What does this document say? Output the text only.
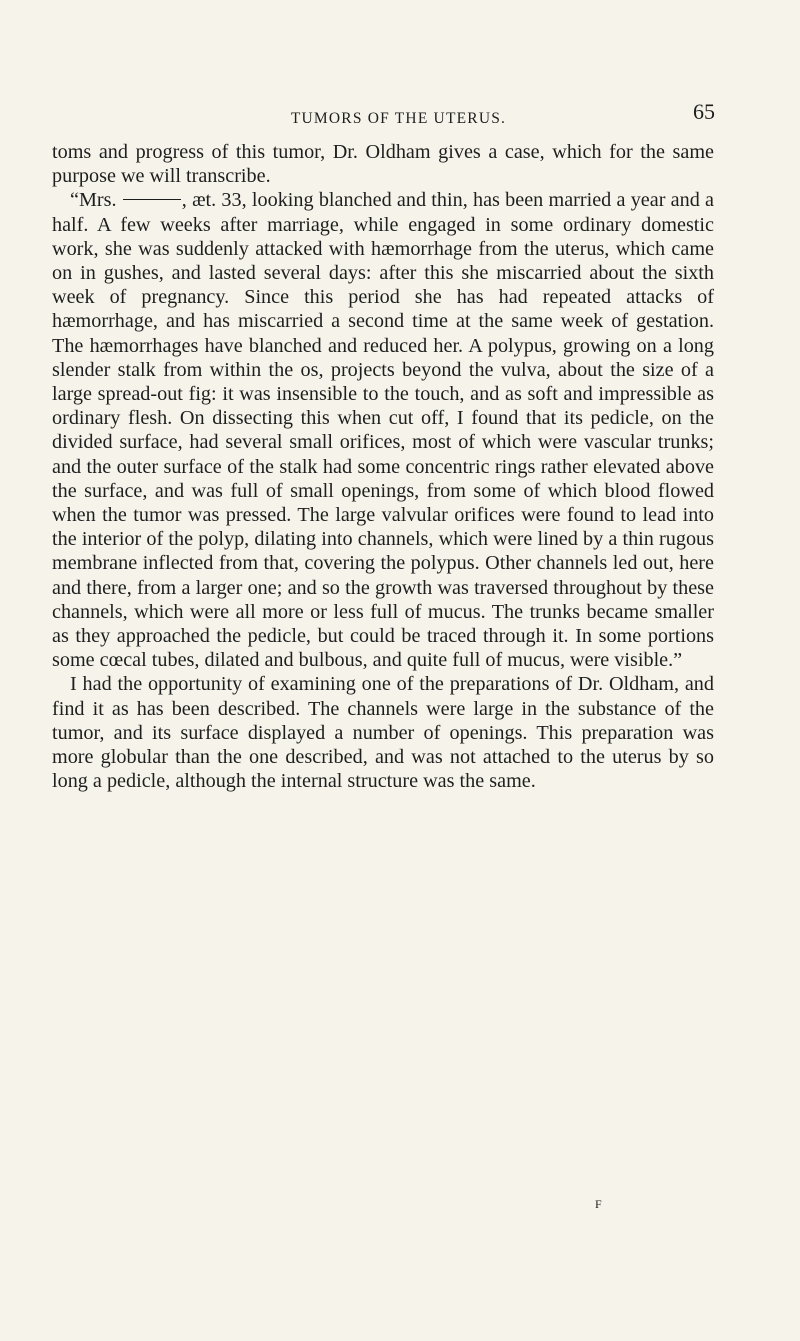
TUMORS OF THE UTERUS.	65

toms and progress of this tumor, Dr. Oldham gives a case, which for the same purpose we will transcribe.

“Mrs.	, æt. 33, looking blanched and thin, has been married a year and a half. A few weeks after marriage, while engaged in some ordinary domestic work, she was suddenly attacked with hæmorrhage from the uterus, which came on in gushes, and lasted several days: after this she miscarried about the sixth week of pregnancy. Since this period she has had repeated attacks of hæmorrhage, and has miscarried a second time at the same week of gestation. The hæmorrhages have blanched and reduced her. A polypus, growing on a long slender stalk from within the os, projects beyond the vulva, about the size of a large spread-out fig: it was insensible to the touch, and as soft and impressible as ordinary flesh. On dissecting this when cut off, I found that its pedicle, on the divided surface, had several small orifices, most of which were vascular trunks; and the outer surface of the stalk had some concentric rings rather elevated above the surface, and was full of small openings, from some of which blood flowed when the tumor was pressed. The large valvular orifices were found to lead into the interior of the polyp, dilating into channels, which were lined by a thin rugous membrane inflected from that, covering the polypus. Other channels led out, here and there, from a larger one; and so the growth was traversed throughout by these channels, which were all more or less full of mucus. The trunks became smaller as they approached the pedicle, but could be traced through it. In some portions some cœcal tubes, dilated and bulbous, and quite full of mucus, were visible.”

I had the opportunity of examining one of the preparations of Dr. Oldham, and find it as has been described. The channels were large in the substance of the tumor, and its surface displayed a number of openings. This preparation was more globular than the one described, and was not attached to the uterus by so long a pedicle, although the internal structure was the same.

F
